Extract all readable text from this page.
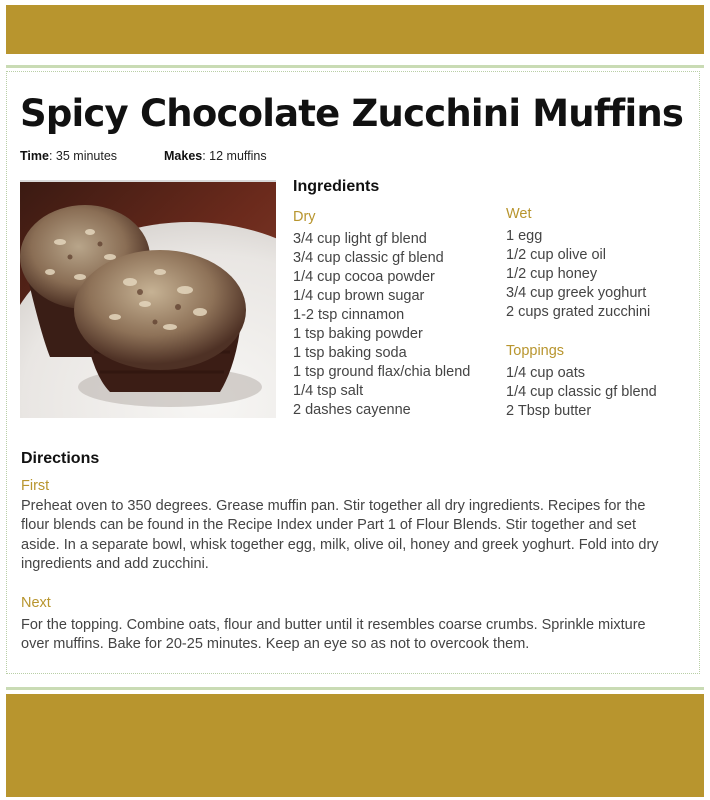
Spicy Chocolate Zucchini Muffins
Time: 35 minutes	Makes: 12 muffins
Ingredients
Dry
3/4 cup light gf blend
3/4 cup classic gf blend
1/4 cup cocoa powder
1/4 cup brown sugar
1-2 tsp cinnamon
1 tsp baking powder
1 tsp baking soda
1 tsp ground flax/chia blend
1/4 tsp salt
2 dashes cayenne
Wet
1 egg
1/2 cup olive oil
1/2 cup honey
3/4 cup greek yoghurt
2 cups grated zucchini
Toppings
1/4 cup oats
1/4 cup classic gf blend
2 Tbsp butter
Directions
First

Preheat oven to 350 degrees. Grease muffin pan. Stir together all dry ingredients. Recipes for the flour blends can be found in the Recipe Index under Part 1 of Flour Blends. Stir together and set aside. In a separate bowl, whisk together egg, milk, olive oil, honey and greek yoghurt. Fold into dry ingredients and add zucchini.

Next

For the topping. Combine oats, flour and butter until it resembles coarse crumbs. Sprinkle mixture over muffins. Bake for 20-25 minutes. Keep an eye so as not to overcook them.
